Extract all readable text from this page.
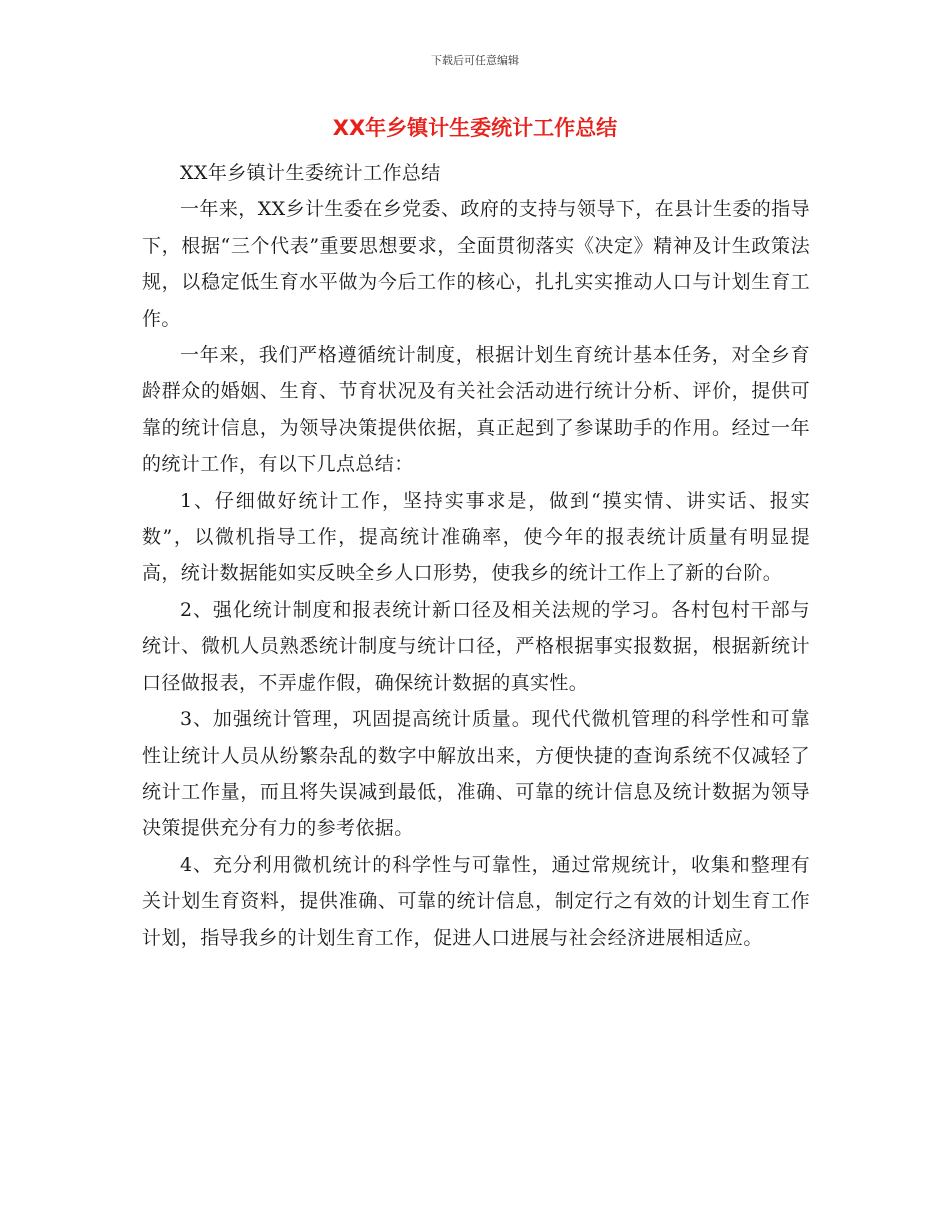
下载后可任意编辑
XX年乡镇计生委统计工作总结

XX年乡镇计生委统计工作总结

一年来，XX乡计生委在乡党委、政府的支持与领导下，在县计生委的指导下，根据“三个代表”重要思想要求，全面贯彻落实《决定》精神及计生政策法规，以稳定低生育水平做为今后工作的核心，扎扎实实推动人口与计划生育工作。

一年来，我们严格遵循统计制度，根据计划生育统计基本任务，对全乡育龄群众的婚姻、生育、节育状况及有关社会活动进行统计分析、评价，提供可靠的统计信息，为领导决策提供依据，真正起到了参谋助手的作用。经过一年的统计工作，有以下几点总结：

1、仔细做好统计工作，坚持实事求是，做到“摸实情、讲实话、报实数”，以微机指导工作，提高统计准确率，使今年的报表统计质量有明显提高，统计数据能如实反映全乡人口形势，使我乡的统计工作上了新的台阶。

2、强化统计制度和报表统计新口径及相关法规的学习。各村包村干部与统计、微机人员熟悉统计制度与统计口径，严格根据事实报数据，根据新统计口径做报表，不弄虚作假，确保统计数据的真实性。

3、加强统计管理，巩固提高统计质量。现代代微机管理的科学性和可靠性让统计人员从纷繁杂乱的数字中解放出来，方便快捷的查询系统不仅减轻了统计工作量，而且将失误减到最低，准确、可靠的统计信息及统计数据为领导决策提供充分有力的参考依据。

4、充分利用微机统计的科学性与可靠性，通过常规统计，收集和整理有关计划生育资料，提供准确、可靠的统计信息，制定行之有效的计划生育工作计划，指导我乡的计划生育工作，促进人口进展与社会经济进展相适应。
